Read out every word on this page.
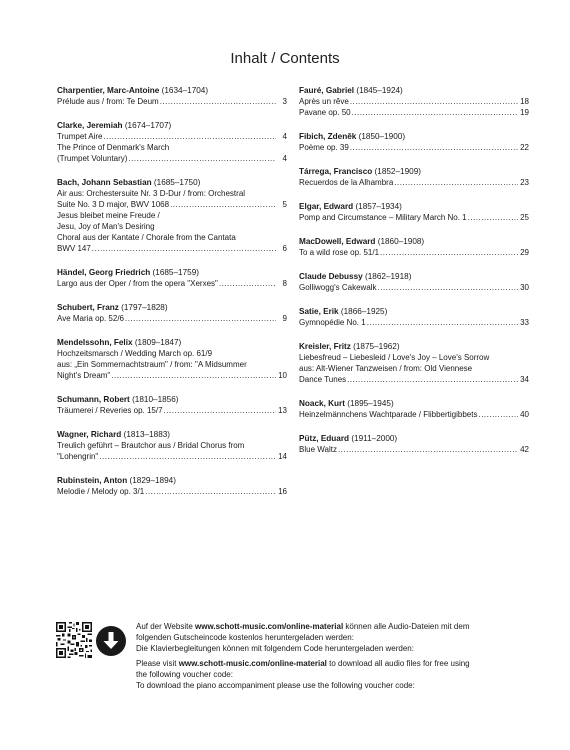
Inhalt / Contents
Charpentier, Marc-Antoine (1634–1704)
Prélude aus / from: Te Deum .....	3
Clarke, Jeremiah (1674–1707)
Trumpet Aire .....	4
The Prince of Denmark's March
(Trumpet Voluntary) .....	4
Bach, Johann Sebastian (1685–1750)
Air aus: Orchestersuite Nr. 3 D-Dur / from: Orchestral
Suite No. 3 D major, BWV 1068 .....	5
Jesus bleibet meine Freude /
Jesu, Joy of Man's Desiring
Choral aus der Kantate / Chorale from the Cantata
BWV 147 .....	6
Händel, Georg Friedrich (1685–1759)
Largo aus der Oper / from the opera "Xerxes" .....	8
Schubert, Franz (1797–1828)
Ave Maria op. 52/6 .....	9
Mendelssohn, Felix (1809–1847)
Hochzeitsmarsch / Wedding March op. 61/9
aus: „Ein Sommernachtstraum" / from: "A Midsummer
Night's Dream" .....	10
Schumann, Robert (1810–1856)
Träumerei / Reveries op. 15/7 .....	13
Wagner, Richard (1813–1883)
Treulich geführt – Brautchor aus / Bridal Chorus from
"Lohengrin" .....	14
Rubinstein, Anton (1829–1894)
Melodie / Melody op. 3/1 .....	16
Fauré, Gabriel (1845–1924)
Après un rêve .....	18
Pavane op. 50 .....	19
Fibich, Zdeněk (1850–1900)
Poème op. 39 .....	22
Tárrega, Francisco (1852–1909)
Recuerdos de la Alhambra .....	23
Elgar, Edward (1857–1934)
Pomp and Circumstance – Military March No. 1 .....	25
MacDowell, Edward (1860–1908)
To a wild rose op. 51/1 .....	29
Claude Debussy (1862–1918)
Golliwogg's Cakewalk .....	30
Satie, Erik (1866–1925)
Gymnopédie No. 1 .....	33
Kreisler, Fritz (1875–1962)
Liebesfreud – Liebesleid / Love's Joy – Love's Sorrow
aus: Alt-Wiener Tanzweisen / from: Old Viennese
Dance Tunes .....	34
Noack, Kurt (1895–1945)
Heinzelmännchens Wachtparade / Flibbertigibbets .....	40
Pütz, Eduard (1911–2000)
Blue Waltz .....	42

Auf der Website www.schott-music.com/online-material können alle Audio-Dateien mit dem

folgenden Gutscheincode kostenlos heruntergeladen werden:

Die Klavierbegleitungen können mit folgendem Code heruntergeladen werden:

Please visit www.schott-music.com/online-material to download all audio files for free using

the following voucher code:

To download the piano accompaniment please use the following voucher code:
